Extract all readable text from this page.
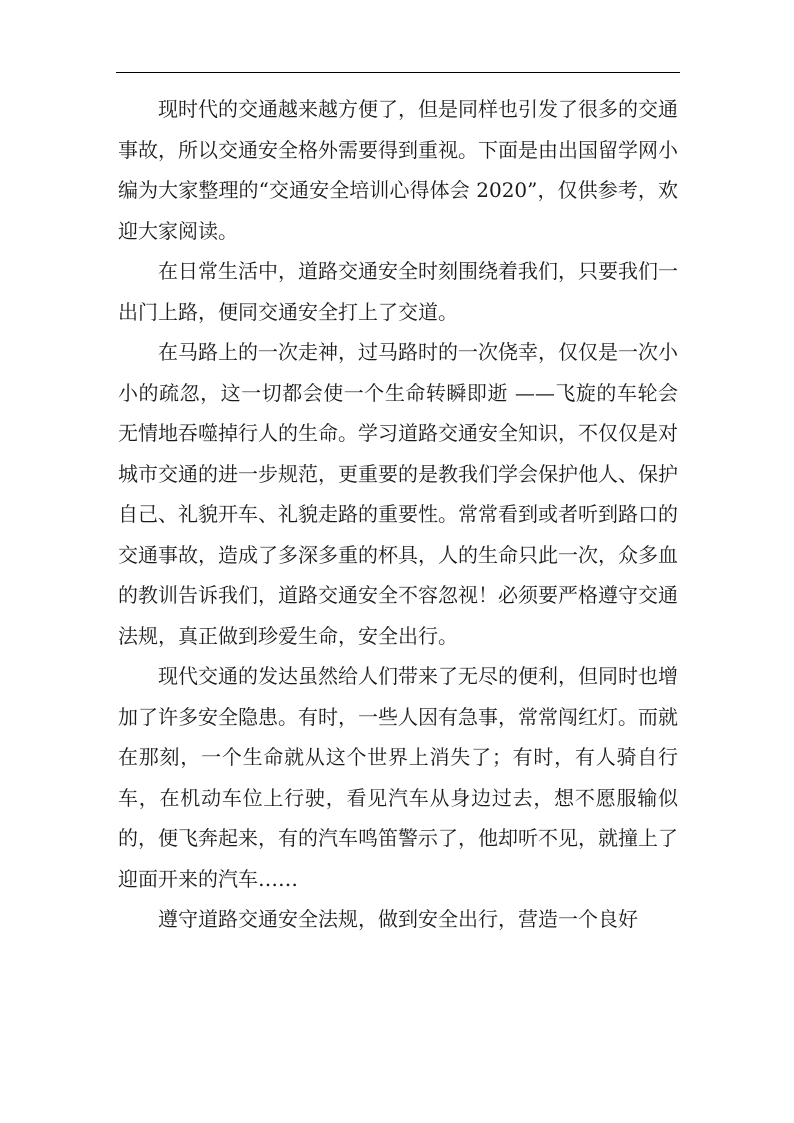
现时代的交通越来越方便了，但是同样也引发了很多的交通事故，所以交通安全格外需要得到重视。下面是由出国留学网小编为大家整理的“交通安全培训心得体会 2020”，仅供参考，欢迎大家阅读。

在日常生活中，道路交通安全时刻围绕着我们，只要我们一出门上路，便同交通安全打上了交道。

在马路上的一次走神，过马路时的一次侥幸，仅仅是一次小小的疏忽，这一切都会使一个生命转瞬即逝 ——飞旋的车轮会无情地吞噬掉行人的生命。学习道路交通安全知识，不仅仅是对城市交通的进一步规范，更重要的是教我们学会保护他人、保护自己、礼貌开车、礼貌走路的重要性。常常看到或者听到路口的交通事故，造成了多深多重的杯具，人的生命只此一次，众多血的教训告诉我们，道路交通安全不容忽视！必须要严格遵守交通法规，真正做到珍爱生命，安全出行。

现代交通的发达虽然给人们带来了无尽的便利，但同时也增加了许多安全隐患。有时，一些人因有急事，常常闯红灯。而就在那刻，一个生命就从这个世界上消失了；有时，有人骑自行车，在机动车位上行驶，看见汽车从身边过去，想不愿服输似的，便飞奔起来，有的汽车鸣笛警示了，他却听不见，就撞上了迎面开来的汽车……

遵守道路交通安全法规，做到安全出行，营造一个良好
